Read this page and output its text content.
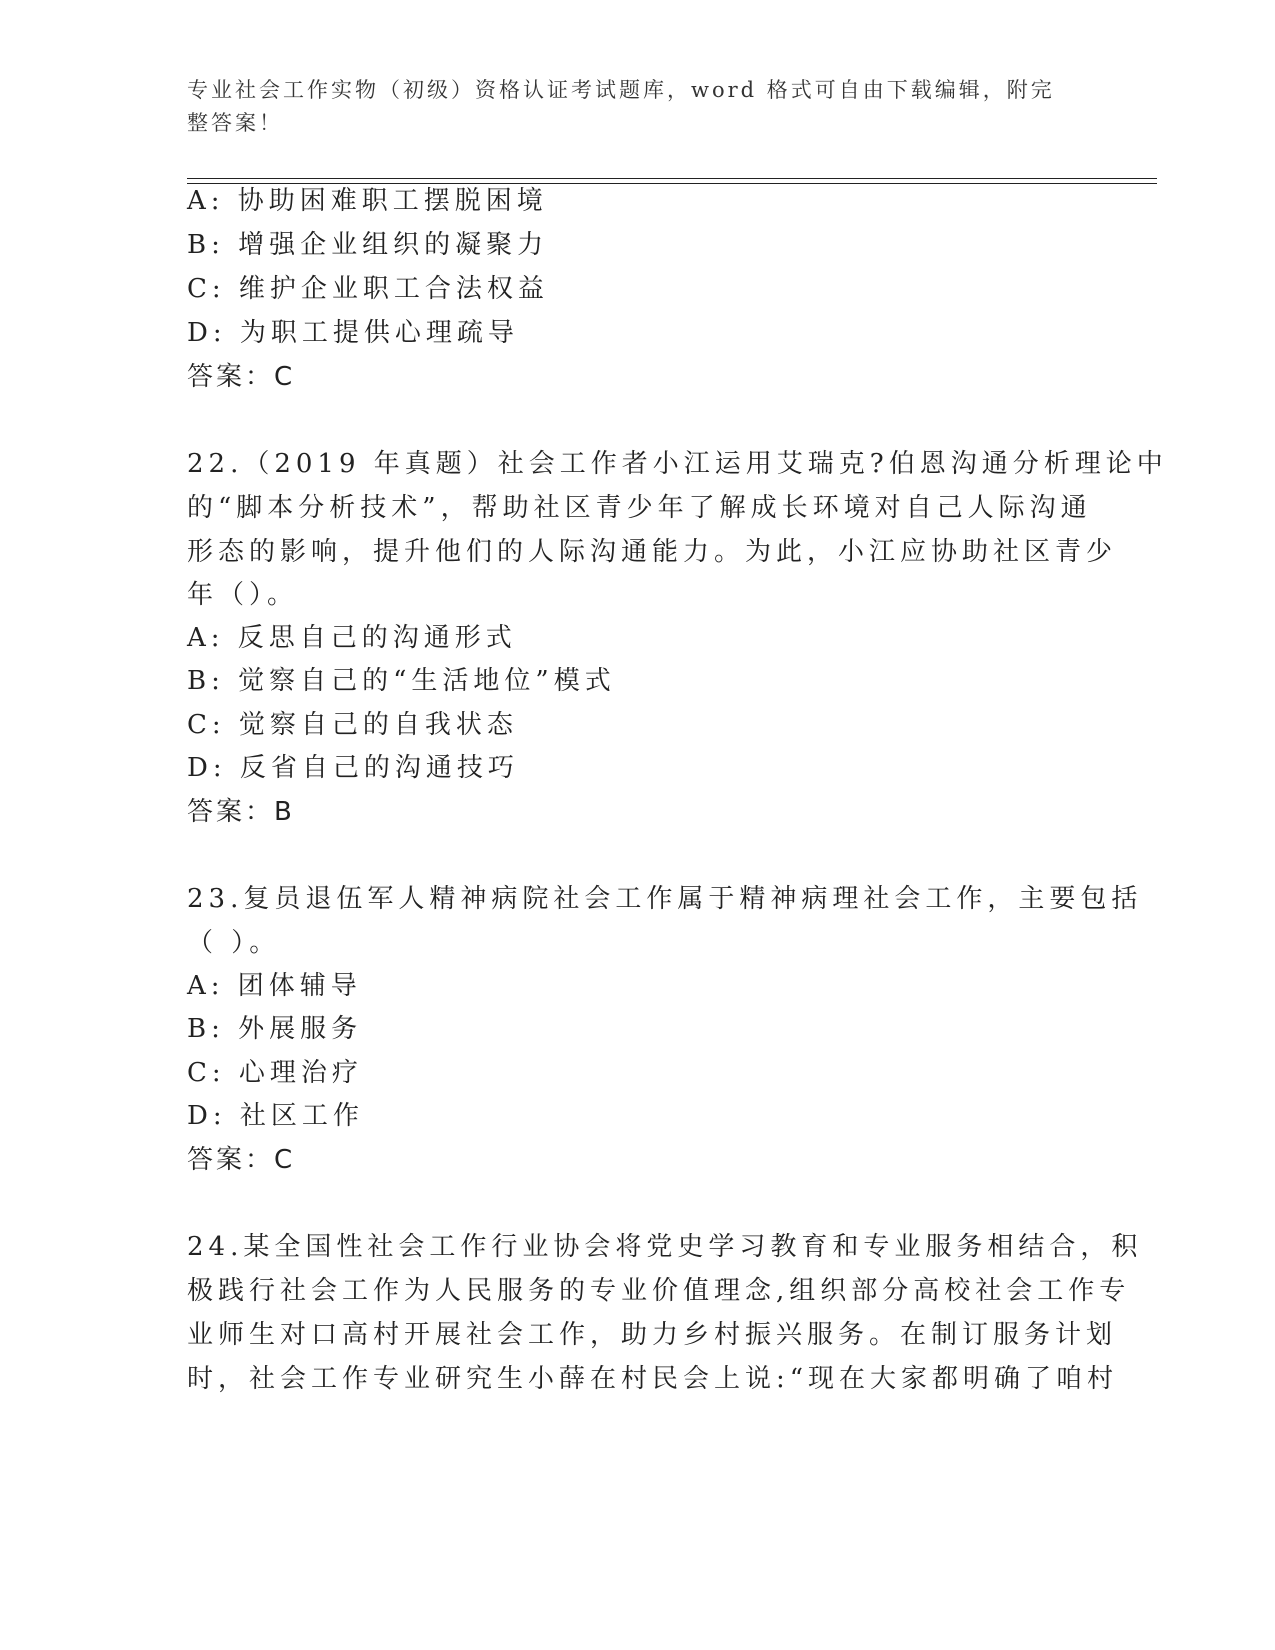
专业社会工作实物（初级）资格认证考试题库，word 格式可自由下载编辑，附完
整答案！
A: 协助困难职工摆脱困境
B: 增强企业组织的凝聚力
C: 维护企业职工合法权益
D: 为职工提供心理疏导
答案：C
22.（2019 年真题）社会工作者小江运用艾瑞克?伯恩沟通分析理论中
的“脚本分析技术”，帮助社区青少年了解成长环境对自己人际沟通
形态的影响，提升他们的人际沟通能力。为此，小江应协助社区青少
年（）。
A: 反思自己的沟通形式
B: 觉察自己的“生活地位”模式
C: 觉察自己的自我状态
D: 反省自己的沟通技巧
答案：B
23.复员退伍军人精神病院社会工作属于精神病理社会工作，主要包括
（ ）。
A: 团体辅导
B: 外展服务
C: 心理治疗
D: 社区工作
答案：C
24.某全国性社会工作行业协会将党史学习教育和专业服务相结合，积
极践行社会工作为人民服务的专业价值理念,组织部分高校社会工作专
业师生对口高村开展社会工作，助力乡村振兴服务。在制订服务计划
时，社会工作专业研究生小薛在村民会上说:“现在大家都明确了咱村
